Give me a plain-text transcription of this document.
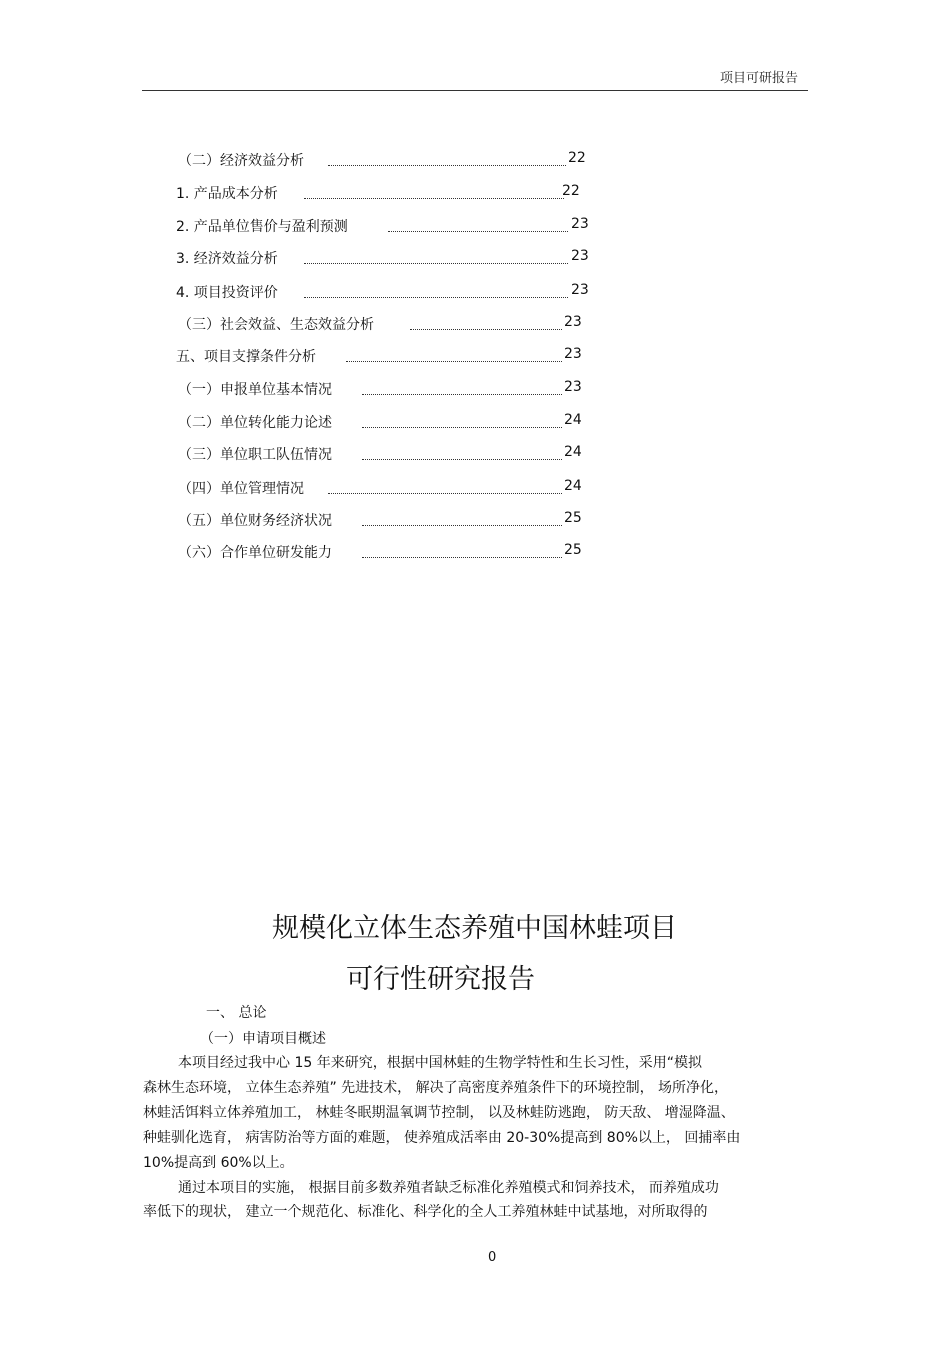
项目可研报告
（二）经济效益分析	22
1. 产品成本分析	22
2. 产品单位售价与盈利预测	23
3. 经济效益分析	23
4. 项目投资评价	23
（三）社会效益、生态效益分析	23
五、项目支撑条件分析	23
（一）申报单位基本情况	23
（二）单位转化能力论述	24
（三）单位职工队伍情况	24
（四）单位管理情况	24
（五）单位财务经济状况	25
（六）合作单位研发能力	25
规模化立体生态养殖中国林蛙项目
可行性研究报告
一、 总论
（一）申请项目概述
本项目经过我中心 15 年来研究，根据中国林蛙的生物学特性和生长习性，采用“模拟
森林生态环境， 立体生态养殖” 先进技术， 解决了高密度养殖条件下的环境控制， 场所净化，
林蛙活饵料立体养殖加工， 林蛙冬眠期温氧调节控制， 以及林蛙防逃跑， 防天敌、 增湿降温、
种蛙驯化选育， 病害防治等方面的难题， 使养殖成活率由 20-30%提高到 80%以上， 回捕率由
10%提高到 60%以上。
通过本项目的实施， 根据目前多数养殖者缺乏标准化养殖模式和饲养技术， 而养殖成功
率低下的现状， 建立一个规范化、标准化、科学化的全人工养殖林蛙中试基地，对所取得的
0
